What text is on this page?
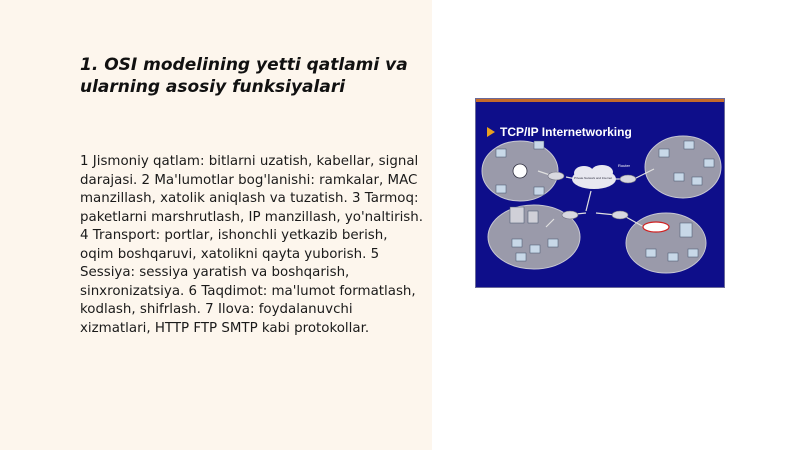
1. OSI modelining yetti qatlami va ularning asosiy funksiyalari

1 Jismoniy qatlam: bitlarni uzatish, kabellar, signal darajasi. 2 Ma'lumotlar bog'lanishi: ramkalar, MAC manzillash, xatolik aniqlash va tuzatish. 3 Tarmoq: paketlarni marshrutlash, IP manzillash, yo'naltirish. 4 Transport: portlar, ishonchli yetkazib berish, oqim boshqaruvi, xatolikni qayta yuborish. 5 Sessiya: sessiya yaratish va boshqarish, sinxronizatsiya. 6 Taqdimot: ma'lumot formatlash, kodlash, shifrlash. 7 Ilova: foydalanuvchi xizmatlari, HTTP FTP SMTP kabi protokollar.

TCP/IP Internetworking
Router
Private Network and Internet
